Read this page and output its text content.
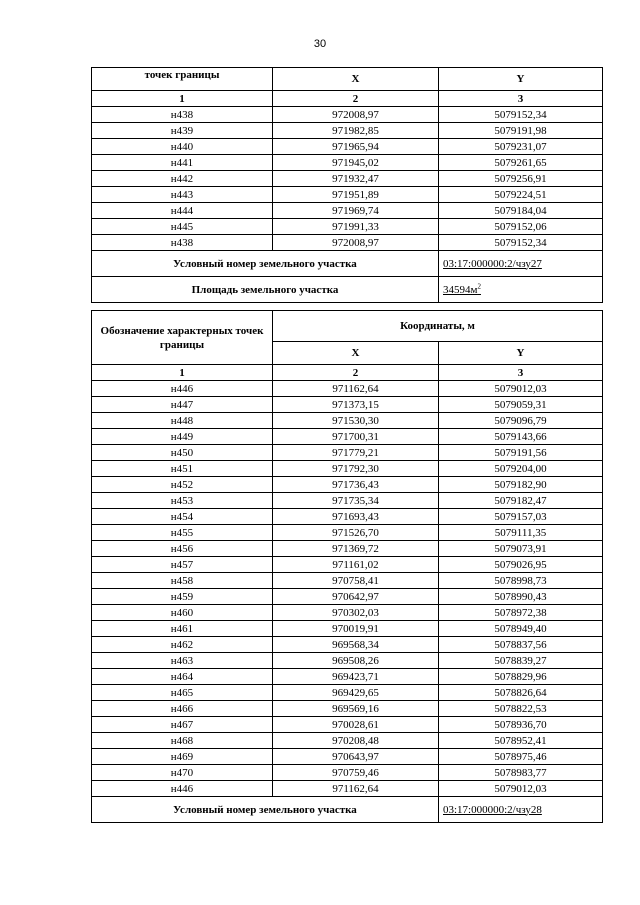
30
точек границы	X	Y
1	2	3
н438	972008,97	5079152,34
н439	971982,85	5079191,98
н440	971965,94	5079231,07
н441	971945,02	5079261,65
н442	971932,47	5079256,91
н443	971951,89	5079224,51
н444	971969,74	5079184,04
н445	971991,33	5079152,06
н438	972008,97	5079152,34
Условный номер земельного участка		03:17:000000:2/чзу27
Площадь земельного участка		$34594м^2$
Обозначение характерных точек границы	Координаты, м	
	X	Y
1	2	3
н446	971162,64	5079012,03
н447	971373,15	5079059,31
н448	971530,30	5079096,79
н449	971700,31	5079143,66
н450	971779,21	5079191,56
н451	971792,30	5079204,00
н452	971736,43	5079182,90
н453	971735,34	5079182,47
н454	971693,43	5079157,03
н455	971526,70	5079111,35
н456	971369,72	5079073,91
н457	971161,02	5079026,95
н458	970758,41	5078998,73
н459	970642,97	5078990,43
н460	970302,03	5078972,38
н461	970019,91	5078949,40
н462	969568,34	5078837,56
н463	969508,26	5078839,27
н464	969423,71	5078829,96
н465	969429,65	5078826,64
н466	969569,16	5078822,53
н467	970028,61	5078936,70
н468	970208,48	5078952,41
н469	970643,97	5078975,46
н470	970759,46	5078983,77
н446	971162,64	5079012,03
Условный номер земельного участка		03:17:000000:2/чзу28
